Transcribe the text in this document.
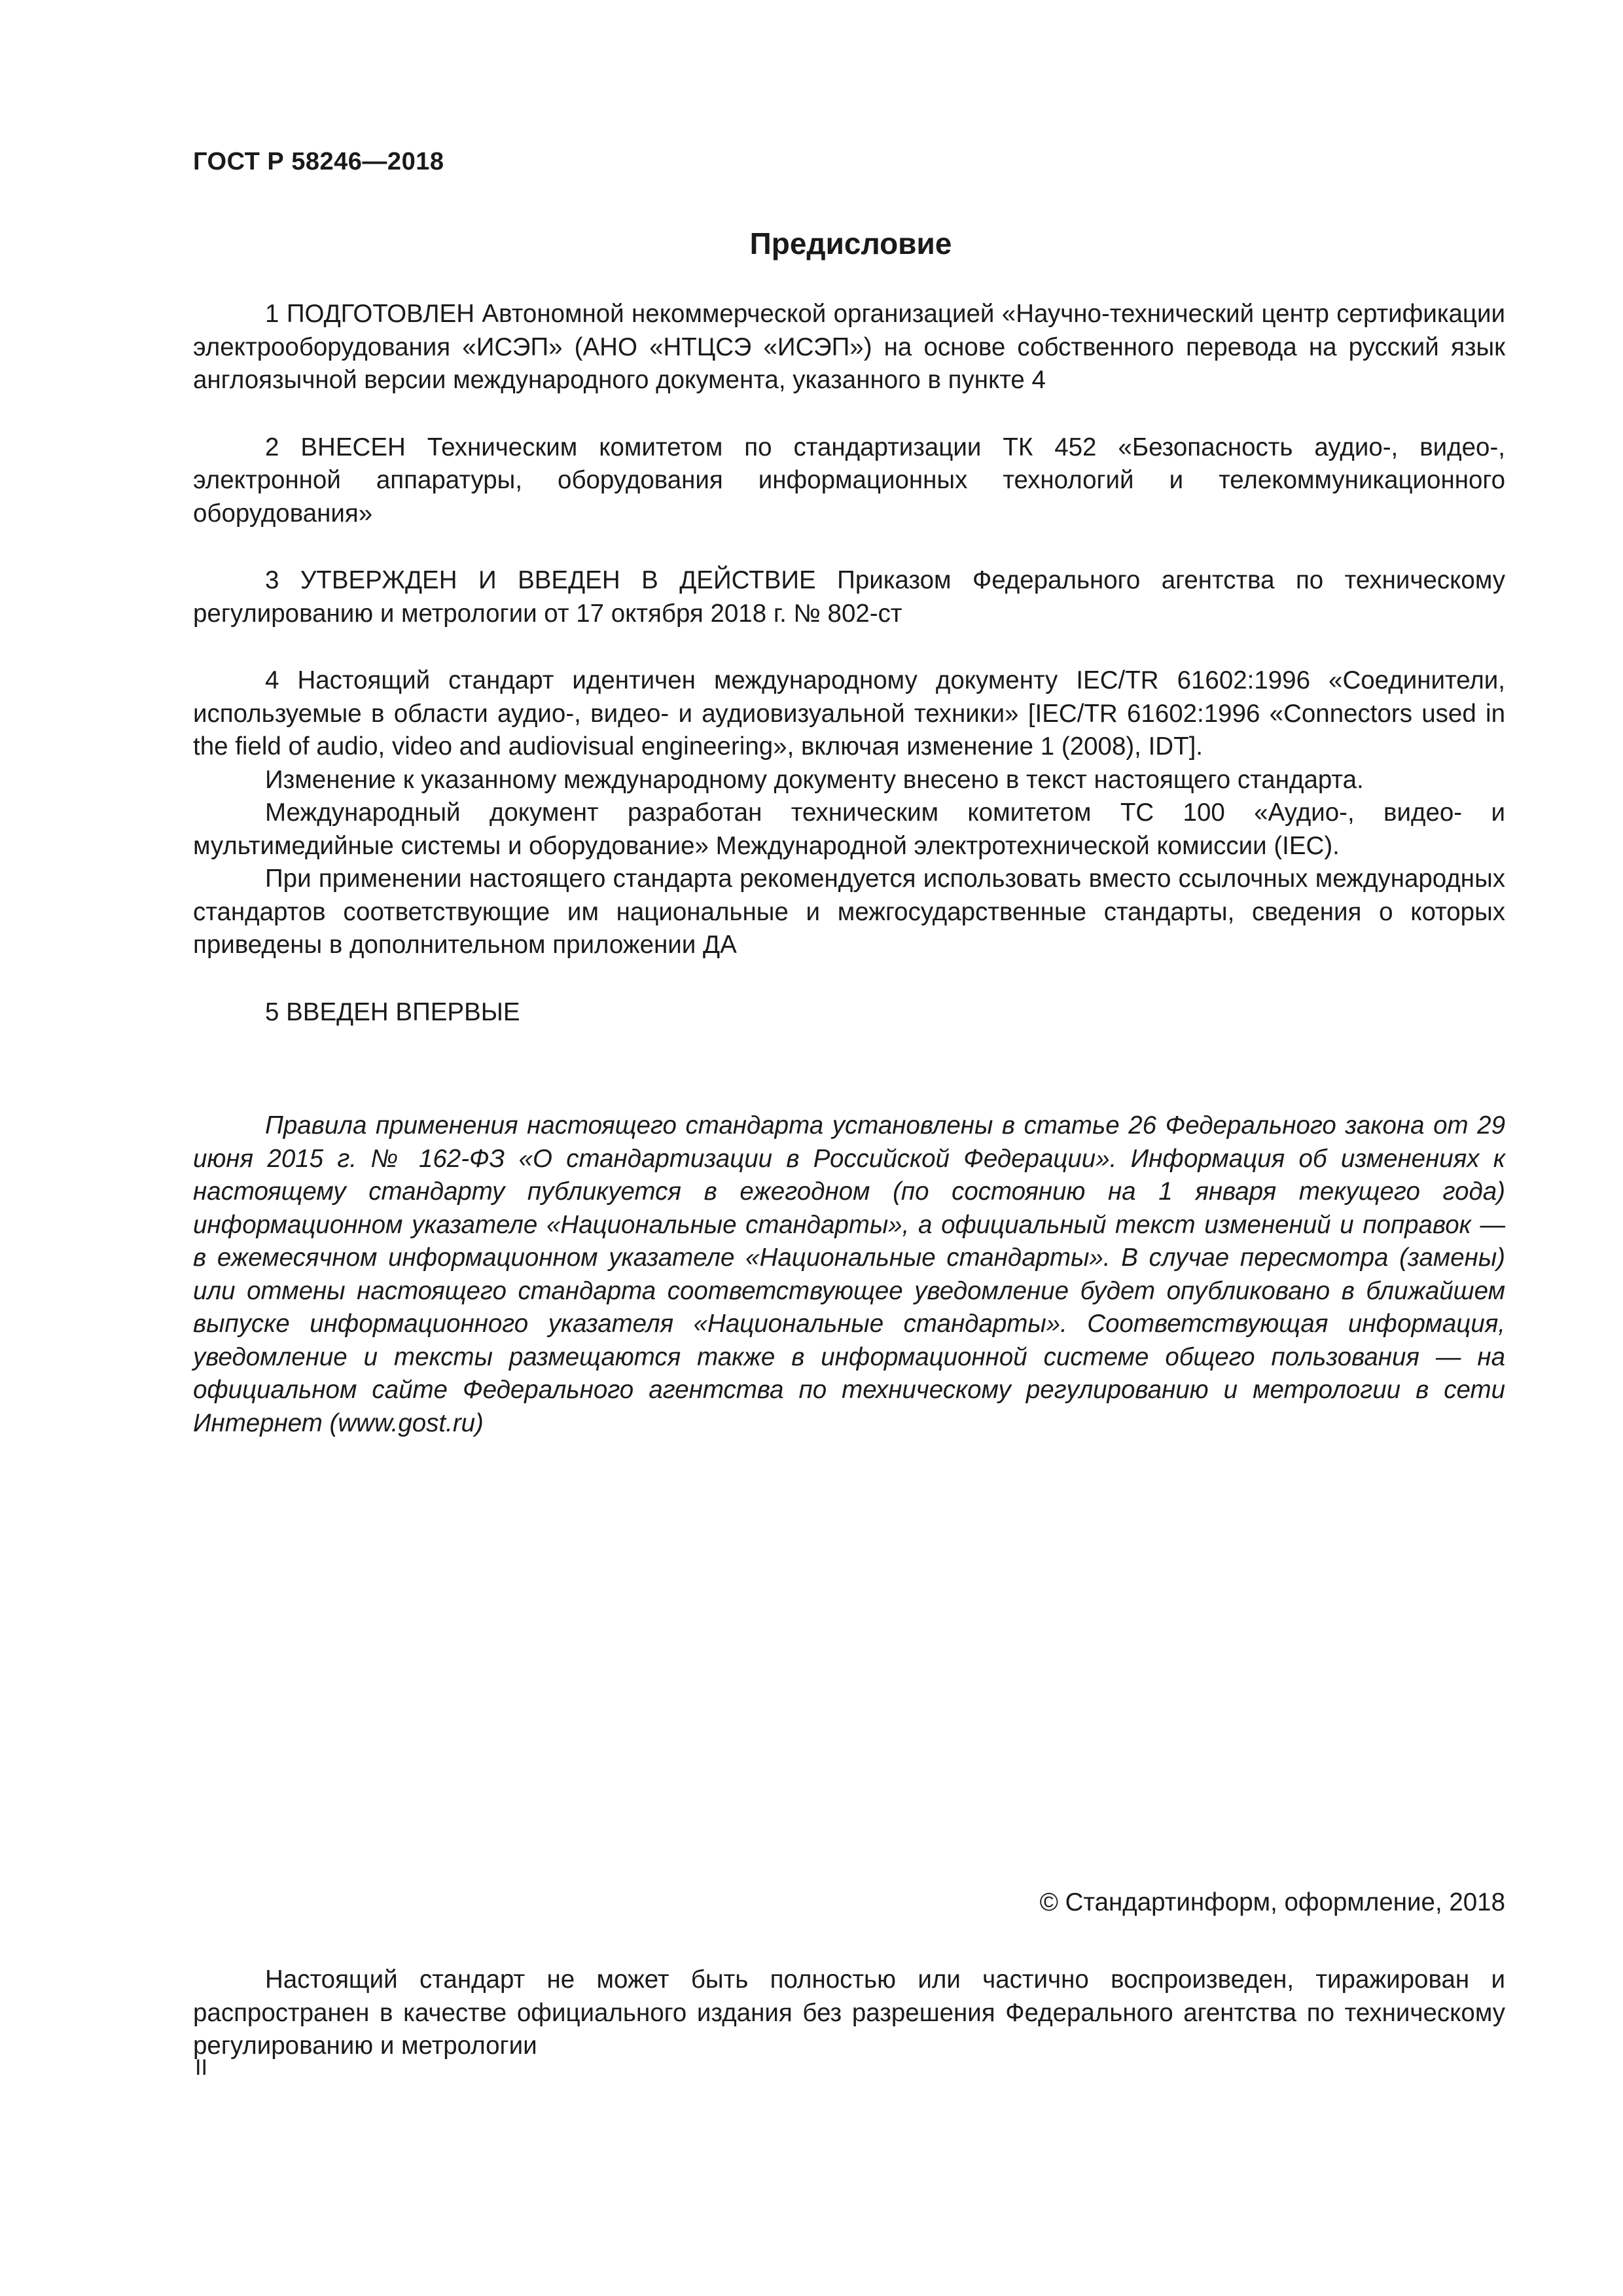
ГОСТ Р 58246—2018
Предисловие

1 ПОДГОТОВЛЕН Автономной некоммерческой организацией «Научно-технический центр сертификации электрооборудования «ИСЭП» (АНО «НТЦСЭ «ИСЭП») на основе собственного перевода на русский язык англоязычной версии международного документа, указанного в пункте 4

2 ВНЕСЕН Техническим комитетом по стандартизации ТК 452 «Безопасность аудио-, видео-, электронной аппаратуры, оборудования информационных технологий и телекоммуникационного оборудования»

3 УТВЕРЖДЕН И ВВЕДЕН В ДЕЙСТВИЕ Приказом Федерального агентства по техническому регулированию и метрологии от 17 октября 2018 г. № 802-ст

4 Настоящий стандарт идентичен международному документу IEC/TR 61602:1996 «Соединители, используемые в области аудио-, видео- и аудиовизуальной техники» [IEC/TR 61602:1996 «Connectors used in the field of audio, video and audiovisual engineering», включая изменение 1 (2008), IDT].

Изменение к указанному международному документу внесено в текст настоящего стандарта.

Международный документ разработан техническим комитетом ТС 100 «Аудио-, видео- и мультимедийные системы и оборудование» Международной электротехнической комиссии (IEC).

При применении настоящего стандарта рекомендуется использовать вместо ссылочных международных стандартов соответствующие им национальные и межгосударственные стандарты, сведения о которых приведены в дополнительном приложении ДА

5 ВВЕДЕН ВПЕРВЫЕ

Правила применения настоящего стандарта установлены в статье 26 Федерального закона от 29 июня 2015 г. № 162-ФЗ «О стандартизации в Российской Федерации». Информация об изменениях к настоящему стандарту публикуется в ежегодном (по состоянию на 1 января текущего года) информационном указателе «Национальные стандарты», а официальный текст изменений и поправок — в ежемесячном информационном указателе «Национальные стандарты». В случае пересмотра (замены) или отмены настоящего стандарта соответствующее уведомление будет опубликовано в ближайшем выпуске информационного указателя «Национальные стандарты». Соответствующая информация, уведомление и тексты размещаются также в информационной системе общего пользования — на официальном сайте Федерального агентства по техническому регулированию и метрологии в сети Интернет (www.gost.ru)
© Стандартинформ, оформление, 2018
Настоящий стандарт не может быть полностью или частично воспроизведен, тиражирован и распространен в качестве официального издания без разрешения Федерального агентства по техническому регулированию и метрологии
II
